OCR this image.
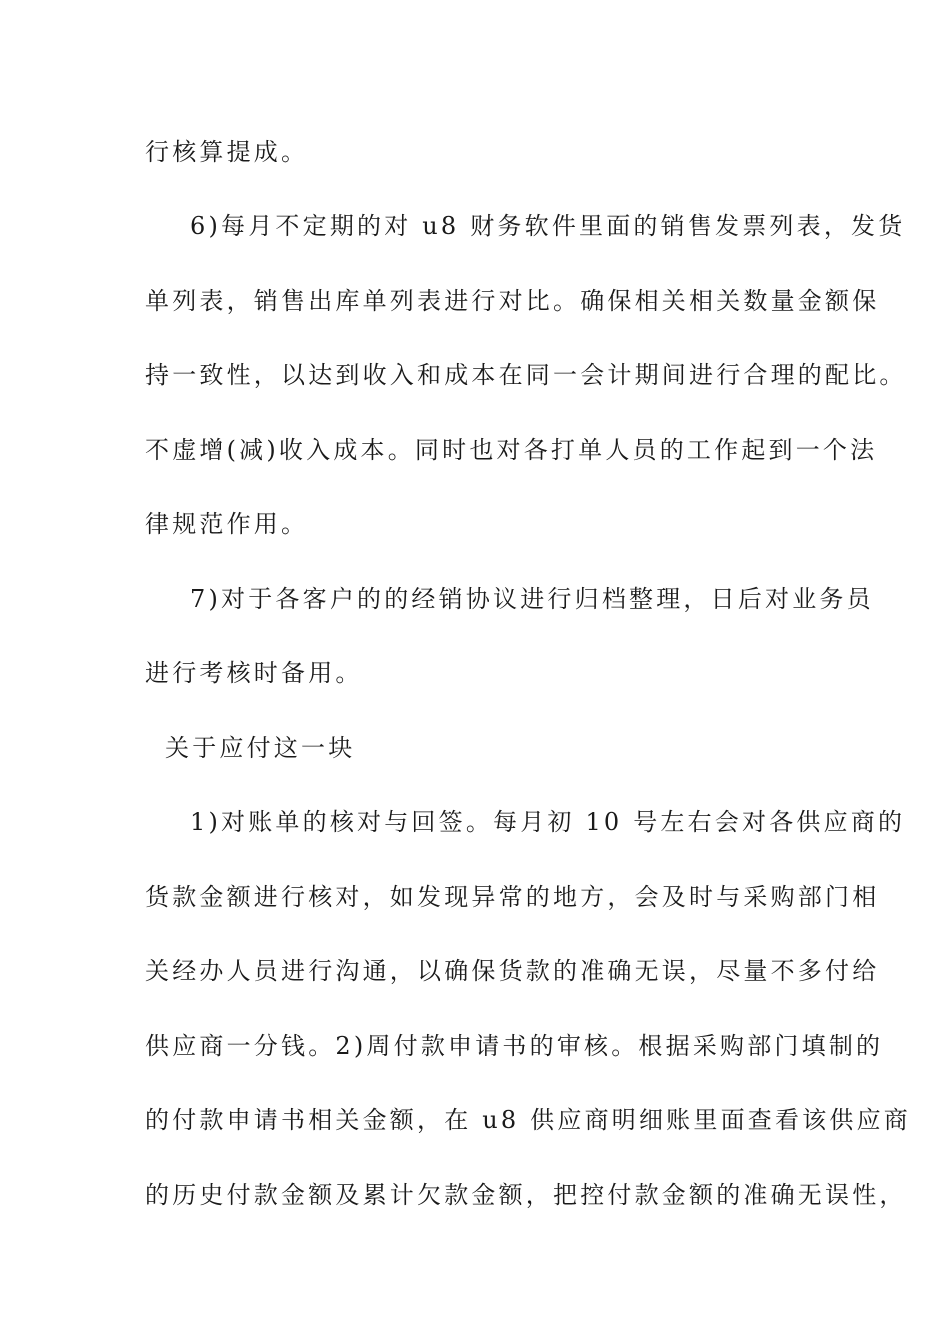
行核算提成。
6)每月不定期的对 u8 财务软件里面的销售发票列表，发货
单列表，销售出库单列表进行对比。确保相关相关数量金额保
持一致性，以达到收入和成本在同一会计期间进行合理的配比。
不虚增(减)收入成本。同时也对各打单人员的工作起到一个法
律规范作用。
7)对于各客户的的经销协议进行归档整理，日后对业务员
进行考核时备用。
关于应付这一块
1)对账单的核对与回签。每月初 10 号左右会对各供应商的
货款金额进行核对，如发现异常的地方，会及时与采购部门相
关经办人员进行沟通，以确保货款的准确无误，尽量不多付给
供应商一分钱。2)周付款申请书的审核。根据采购部门填制的
的付款申请书相关金额，在 u8 供应商明细账里面查看该供应商
的历史付款金额及累计欠款金额，把控付款金额的准确无误性，
